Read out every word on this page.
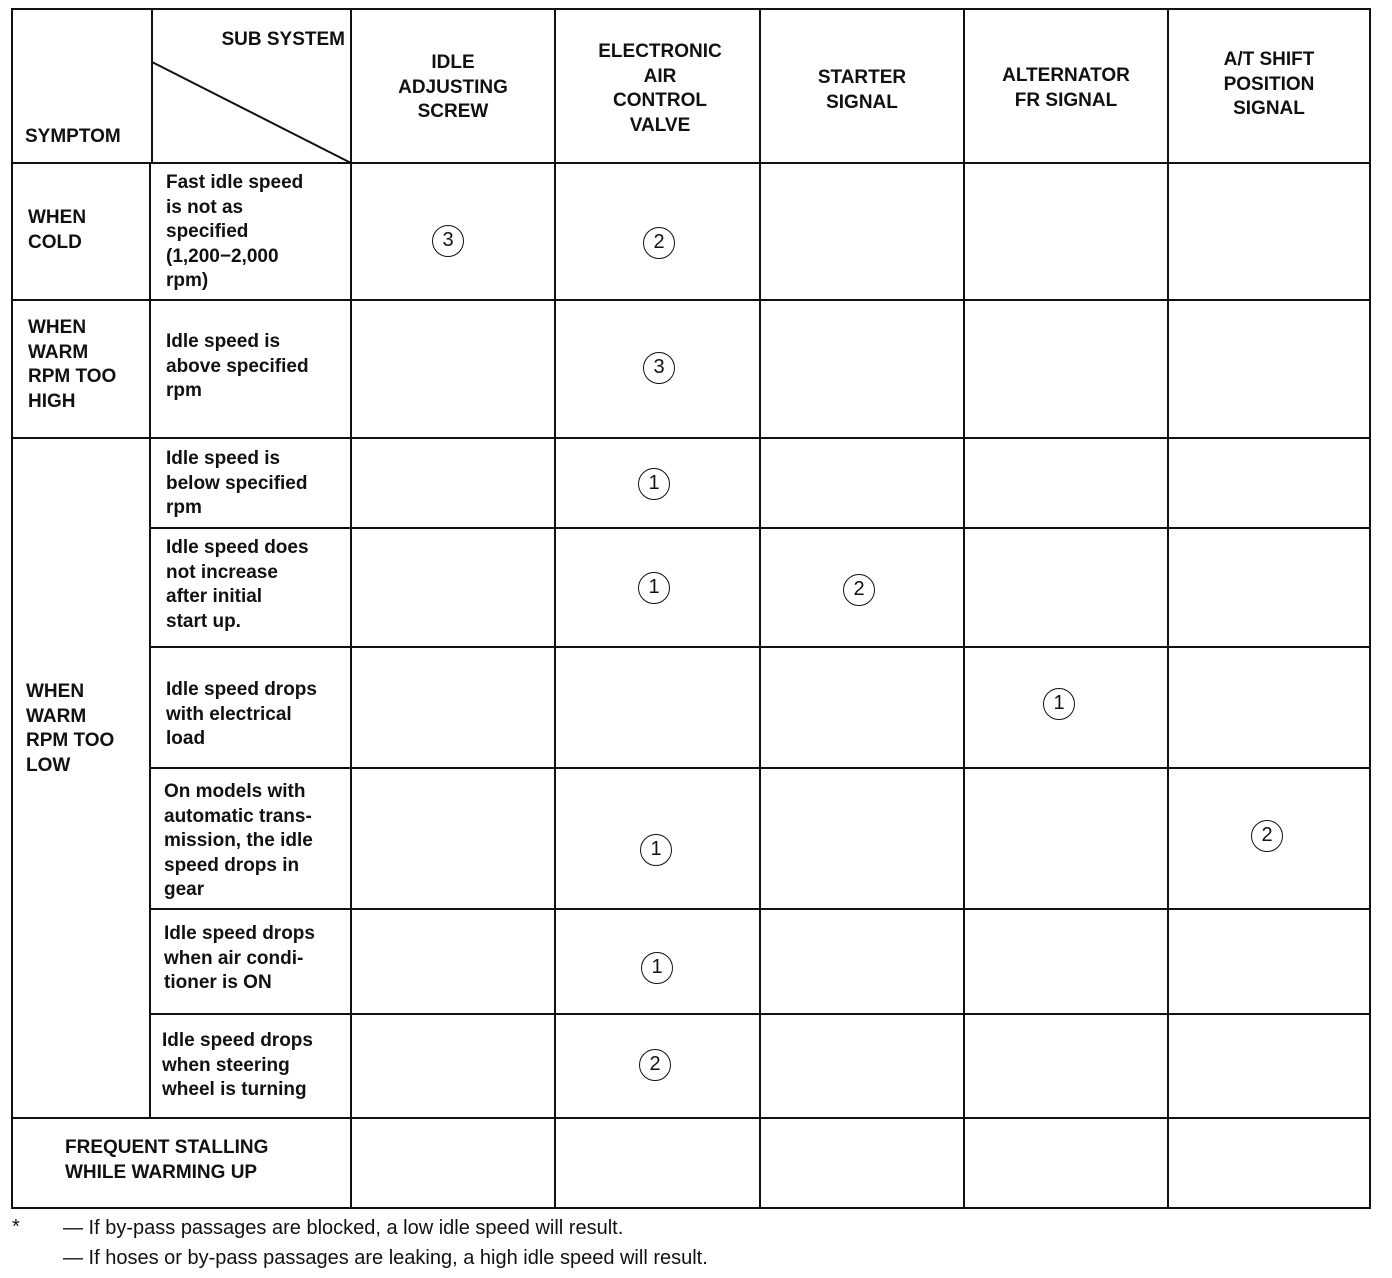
SUB SYSTEM
SYMPTOM
IDLE
ADJUSTING
SCREW
ELECTRONIC
AIR
CONTROL
VALVE
STARTER
SIGNAL
ALTERNATOR
FR SIGNAL
A/T SHIFT
POSITION
SIGNAL
WHEN
COLD
WHEN
WARM
RPM TOO
HIGH
WHEN
WARM
RPM TOO
LOW
FREQUENT STALLING
WHILE WARMING UP
Fast idle speed
is not as
specified
(1,200−2,000
rpm)
Idle speed is
above specified
rpm
Idle speed is
below specified
rpm
Idle speed does
not increase
after initial
start up.
Idle speed drops
with electrical
load
On models with
automatic trans-
mission, the idle
speed drops in
gear
Idle speed drops
when air condi-
tioner is ON
Idle speed drops
when steering
wheel is turning
3	2
3
1
1	2
1
1
2
1
2
* — If by-pass passages are blocked, a low idle speed will result.
— If hoses or by-pass passages are leaking, a high idle speed will result.
